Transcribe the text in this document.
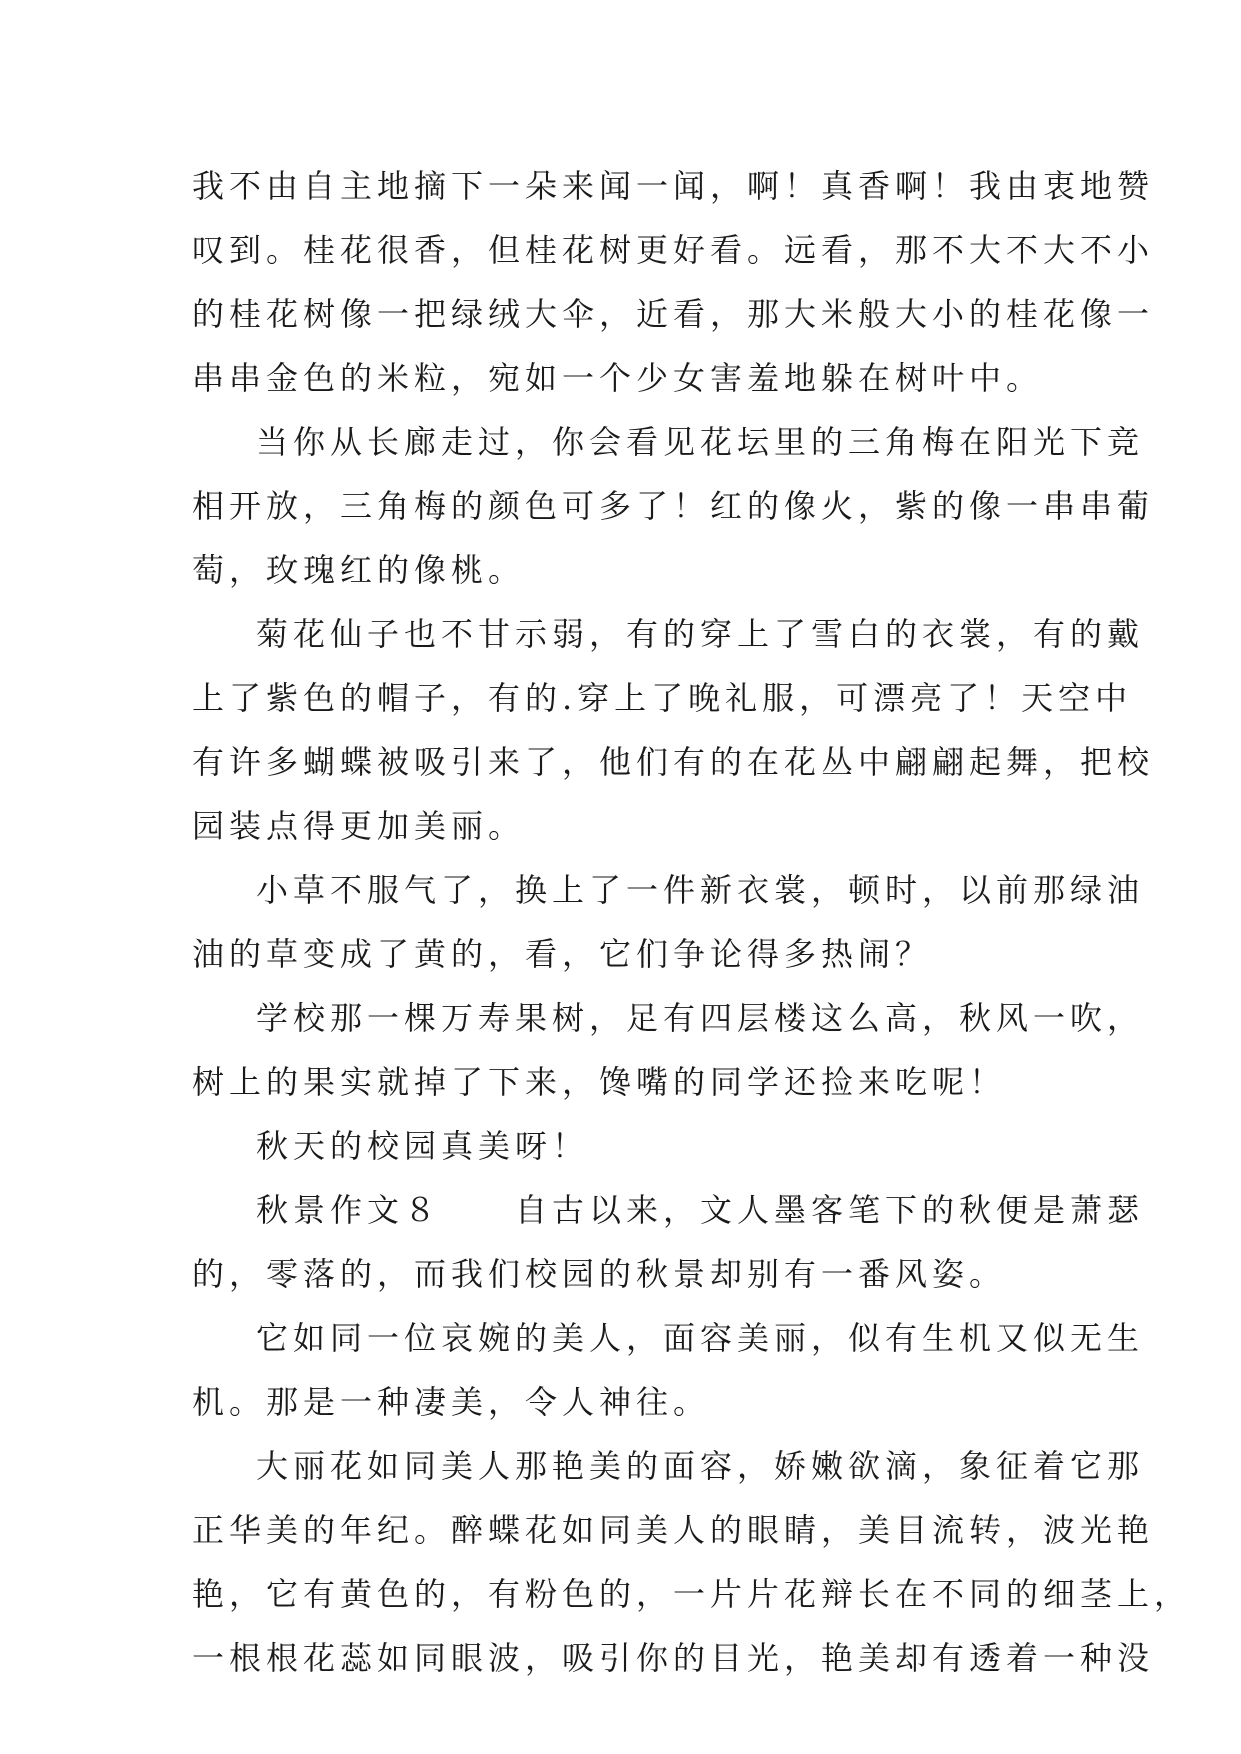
我不由自主地摘下一朵来闻一闻，啊！真香啊！我由衷地赞
叹到。桂花很香，但桂花树更好看。远看，那不大不大不小
的桂花树像一把绿绒大伞，近看，那大米般大小的桂花像一
串串金色的米粒，宛如一个少女害羞地躲在树叶中。
当你从长廊走过，你会看见花坛里的三角梅在阳光下竞
相开放，三角梅的颜色可多了！红的像火，紫的像一串串葡
萄，玫瑰红的像桃。
菊花仙子也不甘示弱，有的穿上了雪白的衣裳，有的戴
上了紫色的帽子，有的.穿上了晚礼服，可漂亮了！天空中
有许多蝴蝶被吸引来了，他们有的在花丛中翩翩起舞，把校
园装点得更加美丽。
小草不服气了，换上了一件新衣裳，顿时，以前那绿油
油的草变成了黄的，看，它们争论得多热闹？
学校那一棵万寿果树，足有四层楼这么高，秋风一吹，
树上的果实就掉了下来，馋嘴的同学还捡来吃呢！
秋天的校园真美呀！
秋景作文８　　自古以来，文人墨客笔下的秋便是萧瑟
的，零落的，而我们校园的秋景却别有一番风姿。
它如同一位哀婉的美人，面容美丽，似有生机又似无生
机。那是一种凄美，令人神往。
大丽花如同美人那艳美的面容，娇嫩欲滴，象征着它那
正华美的年纪。醉蝶花如同美人的眼睛，美目流转，波光艳
艳，它有黄色的，有粉色的，一片片花辩长在不同的细茎上，
一根根花蕊如同眼波，吸引你的目光，艳美却有透着一种没
